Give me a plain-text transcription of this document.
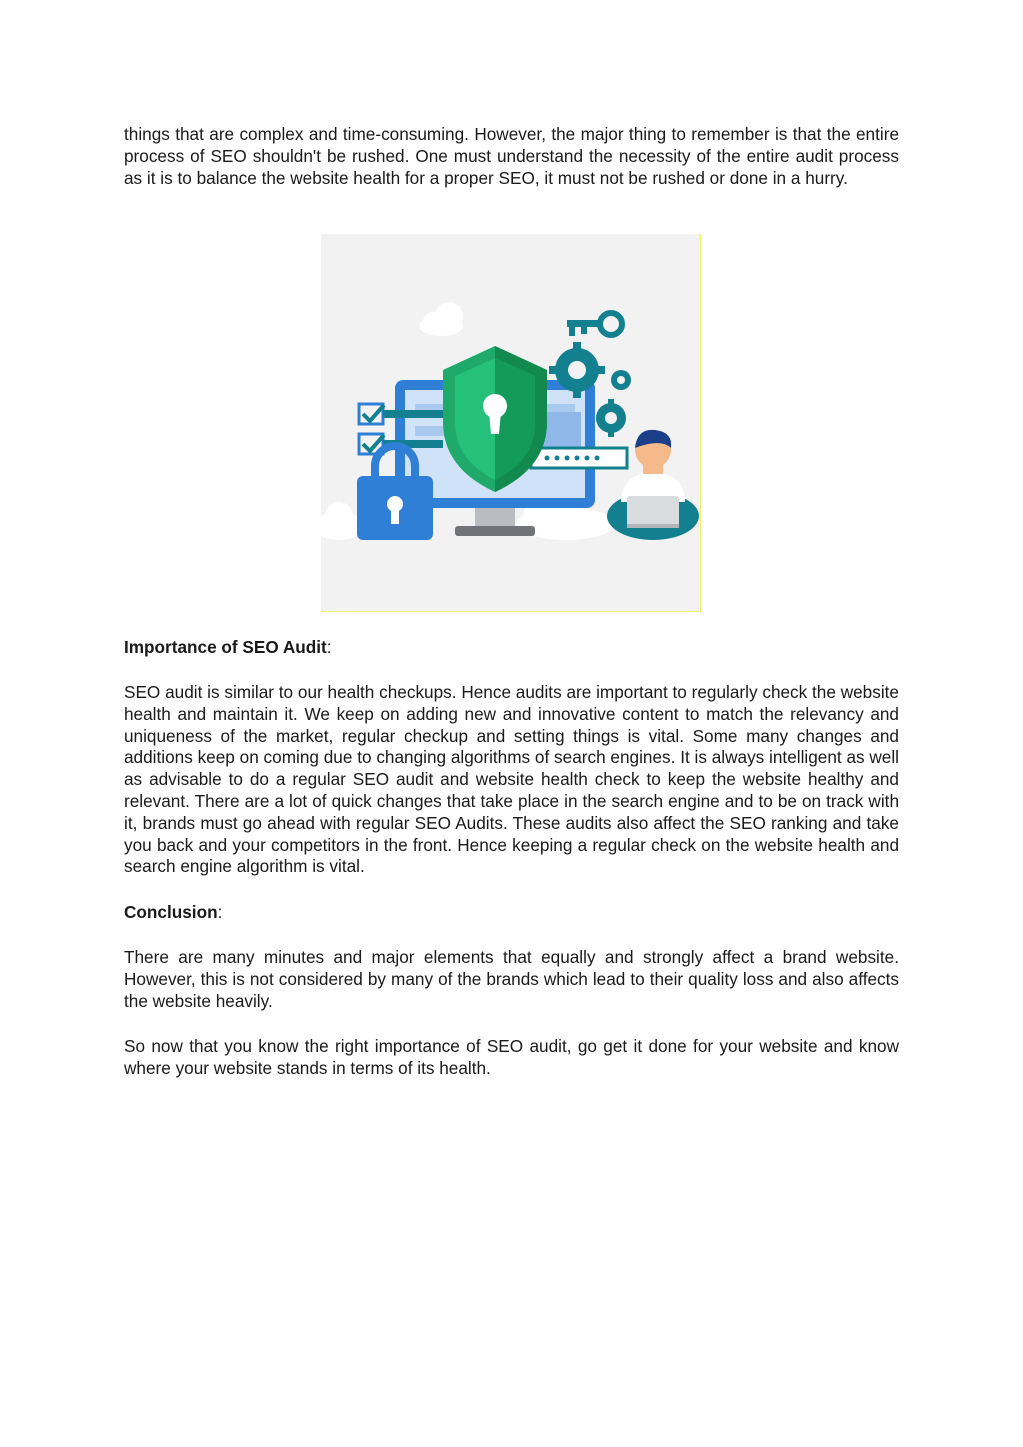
things that are complex and time-consuming. However, the major thing to remember is that the entire process of SEO shouldn't be rushed. One must understand the necessity of the entire audit process as it is to balance the website health for a proper SEO, it must not be rushed or done in a hurry.

Importance of SEO Audit:

SEO audit is similar to our health checkups. Hence audits are important to regularly check the website health and maintain it. We keep on adding new and innovative content to match the relevancy and uniqueness of the market, regular checkup and setting things is vital. Some many changes and additions keep on coming due to changing algorithms of search engines. It is always intelligent as well as advisable to do a regular SEO audit and website health check to keep the website healthy and relevant. There are a lot of quick changes that take place in the search engine and to be on track with it, brands must go ahead with regular SEO Audits. These audits also affect the SEO ranking and take you back and your competitors in the front. Hence keeping a regular check on the website health and search engine algorithm is vital.

Conclusion:

There are many minutes and major elements that equally and strongly affect a brand website. However, this is not considered by many of the brands which lead to their quality loss and also affects the website heavily.

So now that you know the right importance of SEO audit, go get it done for your website and know where your website stands in terms of its health.
